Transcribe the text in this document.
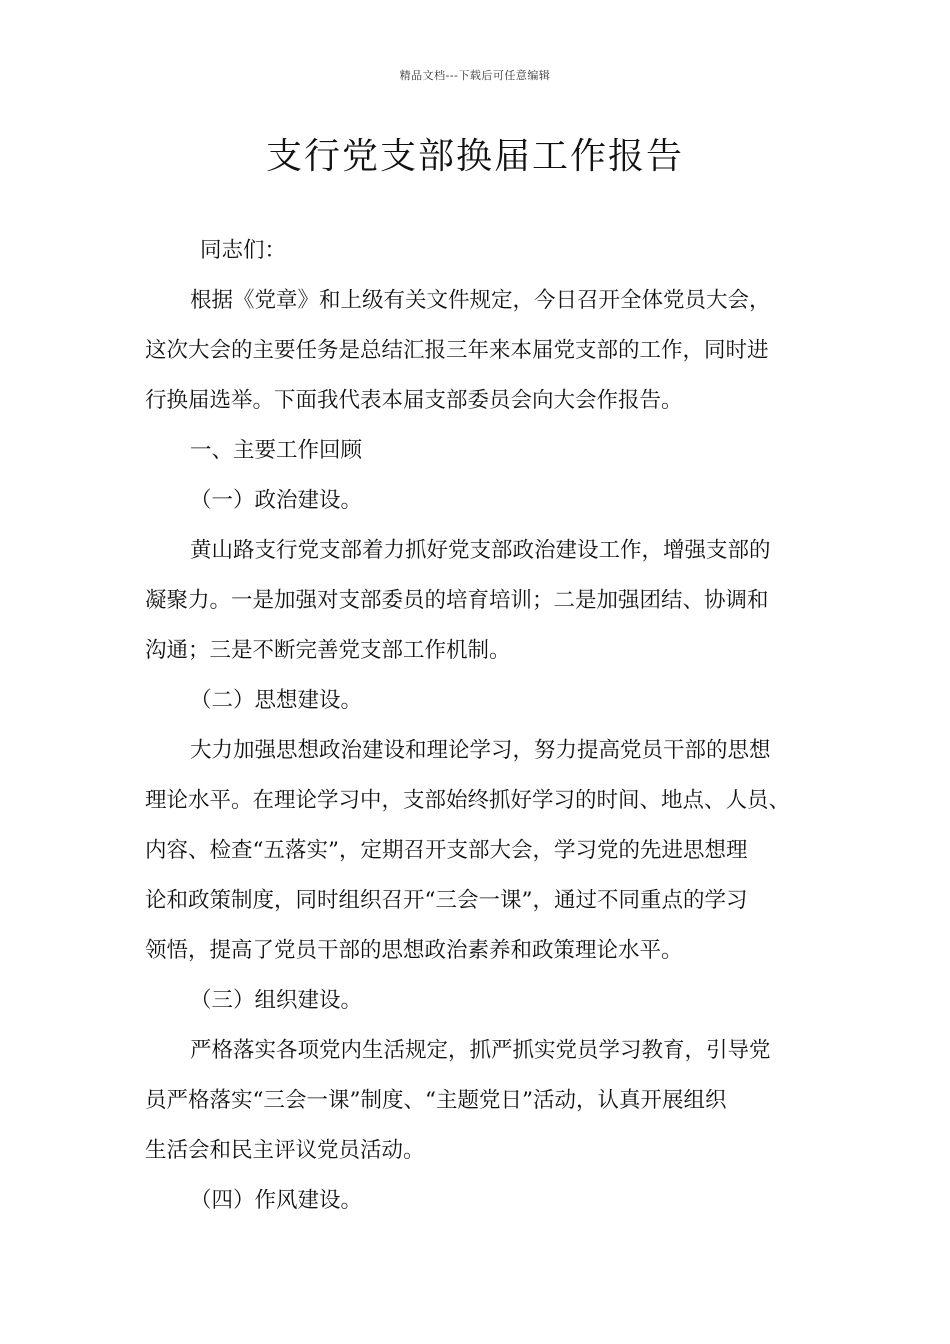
精品文档---下载后可任意编辑
支行党支部换届工作报告

同志们：

根据《党章》和上级有关文件规定，今日召开全体党员大会，

这次大会的主要任务是总结汇报三年来本届党支部的工作，同时进

行换届选举。下面我代表本届支部委员会向大会作报告。

一、主要工作回顾

（一）政治建设。

黄山路支行党支部着力抓好党支部政治建设工作，增强支部的

凝聚力。一是加强对支部委员的培育培训；二是加强团结、协调和

沟通；三是不断完善党支部工作机制。

（二）思想建设。

大力加强思想政治建设和理论学习，努力提高党员干部的思想

理论水平。在理论学习中，支部始终抓好学习的时间、地点、人员、

内容、检查“五落实”，定期召开支部大会，学习党的先进思想理

论和政策制度，同时组织召开“三会一课”，通过不同重点的学习

领悟，提高了党员干部的思想政治素养和政策理论水平。

（三）组织建设。

严格落实各项党内生活规定，抓严抓实党员学习教育，引导党

员严格落实“三会一课”制度、“主题党日”活动，认真开展组织

生活会和民主评议党员活动。

（四）作风建设。
